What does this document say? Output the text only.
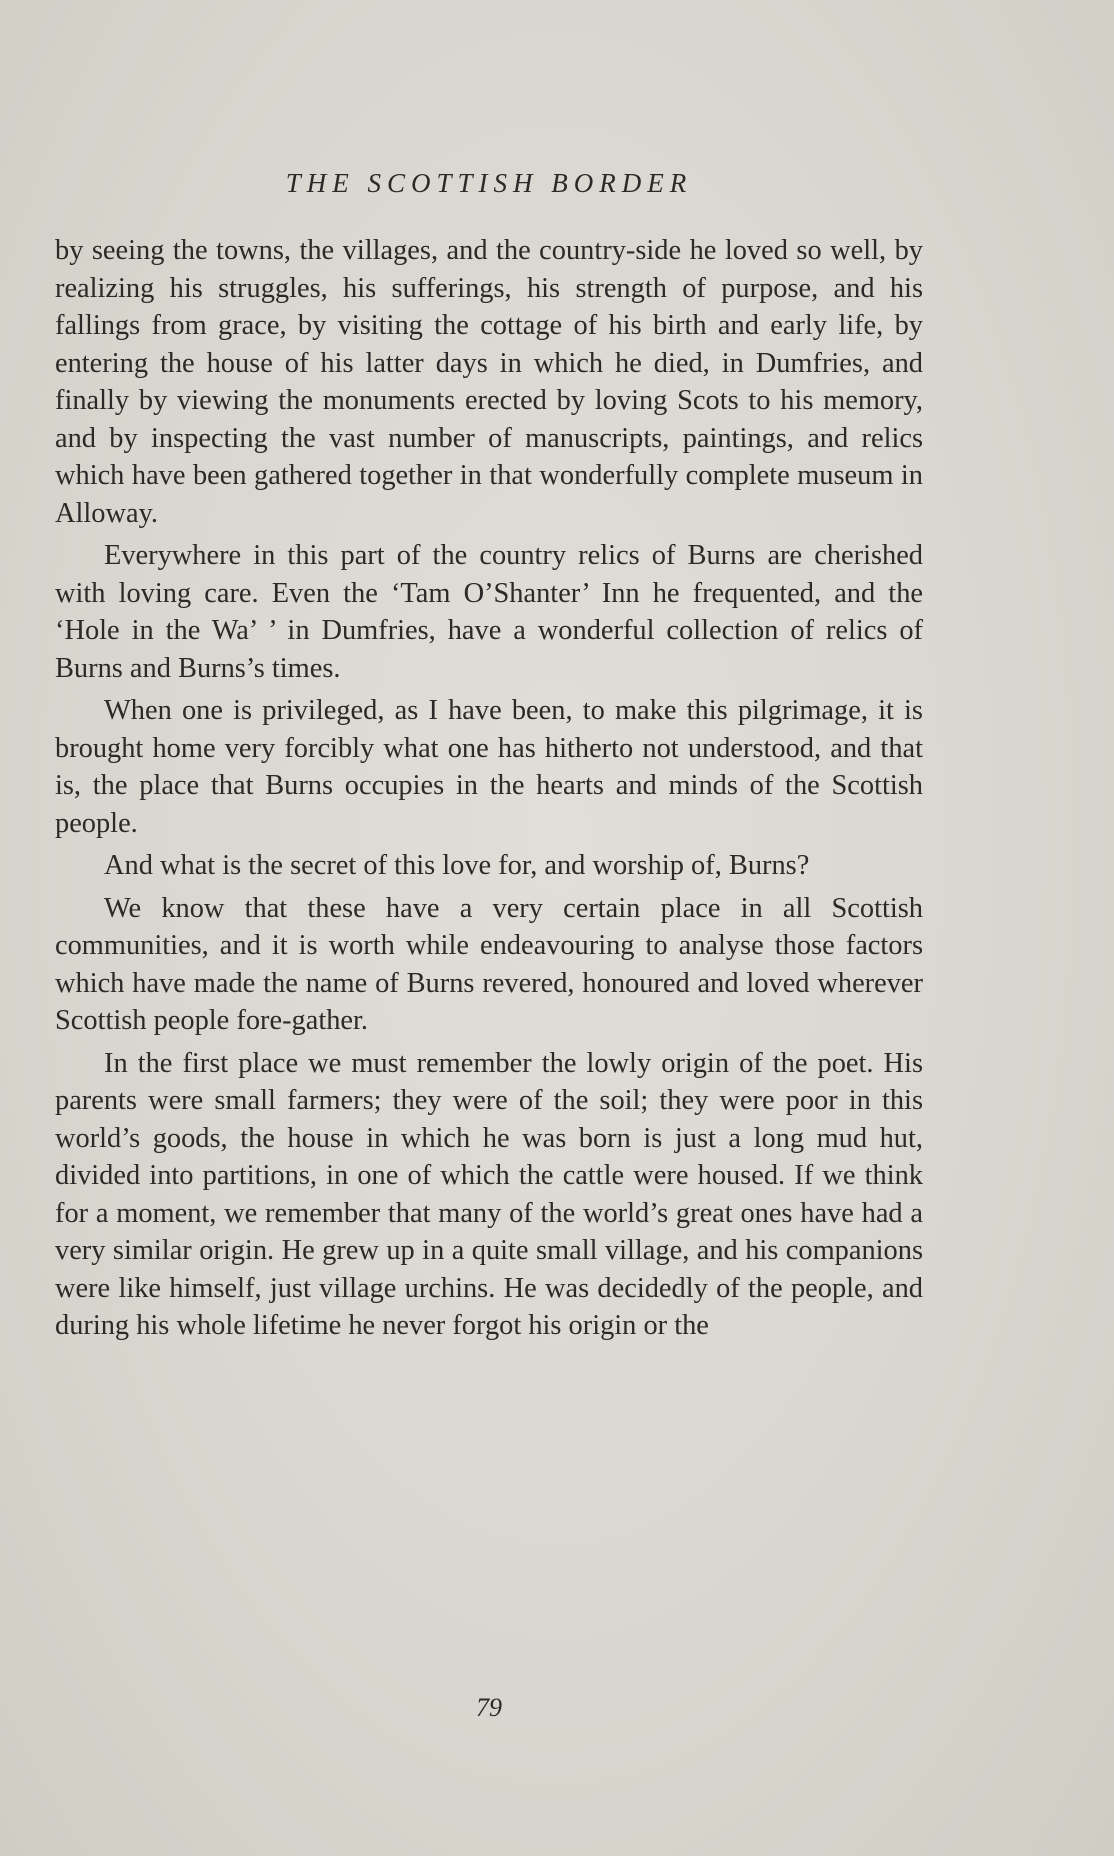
THE SCOTTISH BORDER

by seeing the towns, the villages, and the country-side he loved so well, by realizing his struggles, his sufferings, his strength of purpose, and his fallings from grace, by visiting the cottage of his birth and early life, by entering the house of his latter days in which he died, in Dumfries, and finally by viewing the monuments erected by loving Scots to his memory, and by inspecting the vast number of manuscripts, paintings, and relics which have been gathered together in that wonderfully complete museum in Alloway.

Everywhere in this part of the country relics of Burns are cherished with loving care. Even the ‘Tam O’Shanter’ Inn he frequented, and the ‘Hole in the Wa’ ’ in Dumfries, have a wonderful collection of relics of Burns and Burns’s times.

When one is privileged, as I have been, to make this pilgrimage, it is brought home very forcibly what one has hitherto not understood, and that is, the place that Burns occupies in the hearts and minds of the Scottish people.

And what is the secret of this love for, and worship of, Burns?

We know that these have a very certain place in all Scottish communities, and it is worth while endeavouring to analyse those factors which have made the name of Burns revered, honoured and loved wherever Scottish people fore-gather.

In the first place we must remember the lowly origin of the poet. His parents were small farmers; they were of the soil; they were poor in this world’s goods, the house in which he was born is just a long mud hut, divided into partitions, in one of which the cattle were housed. If we think for a moment, we remember that many of the world’s great ones have had a very similar origin. He grew up in a quite small village, and his companions were like himself, just village urchins. He was decidedly of the people, and during his whole lifetime he never forgot his origin or the

79
